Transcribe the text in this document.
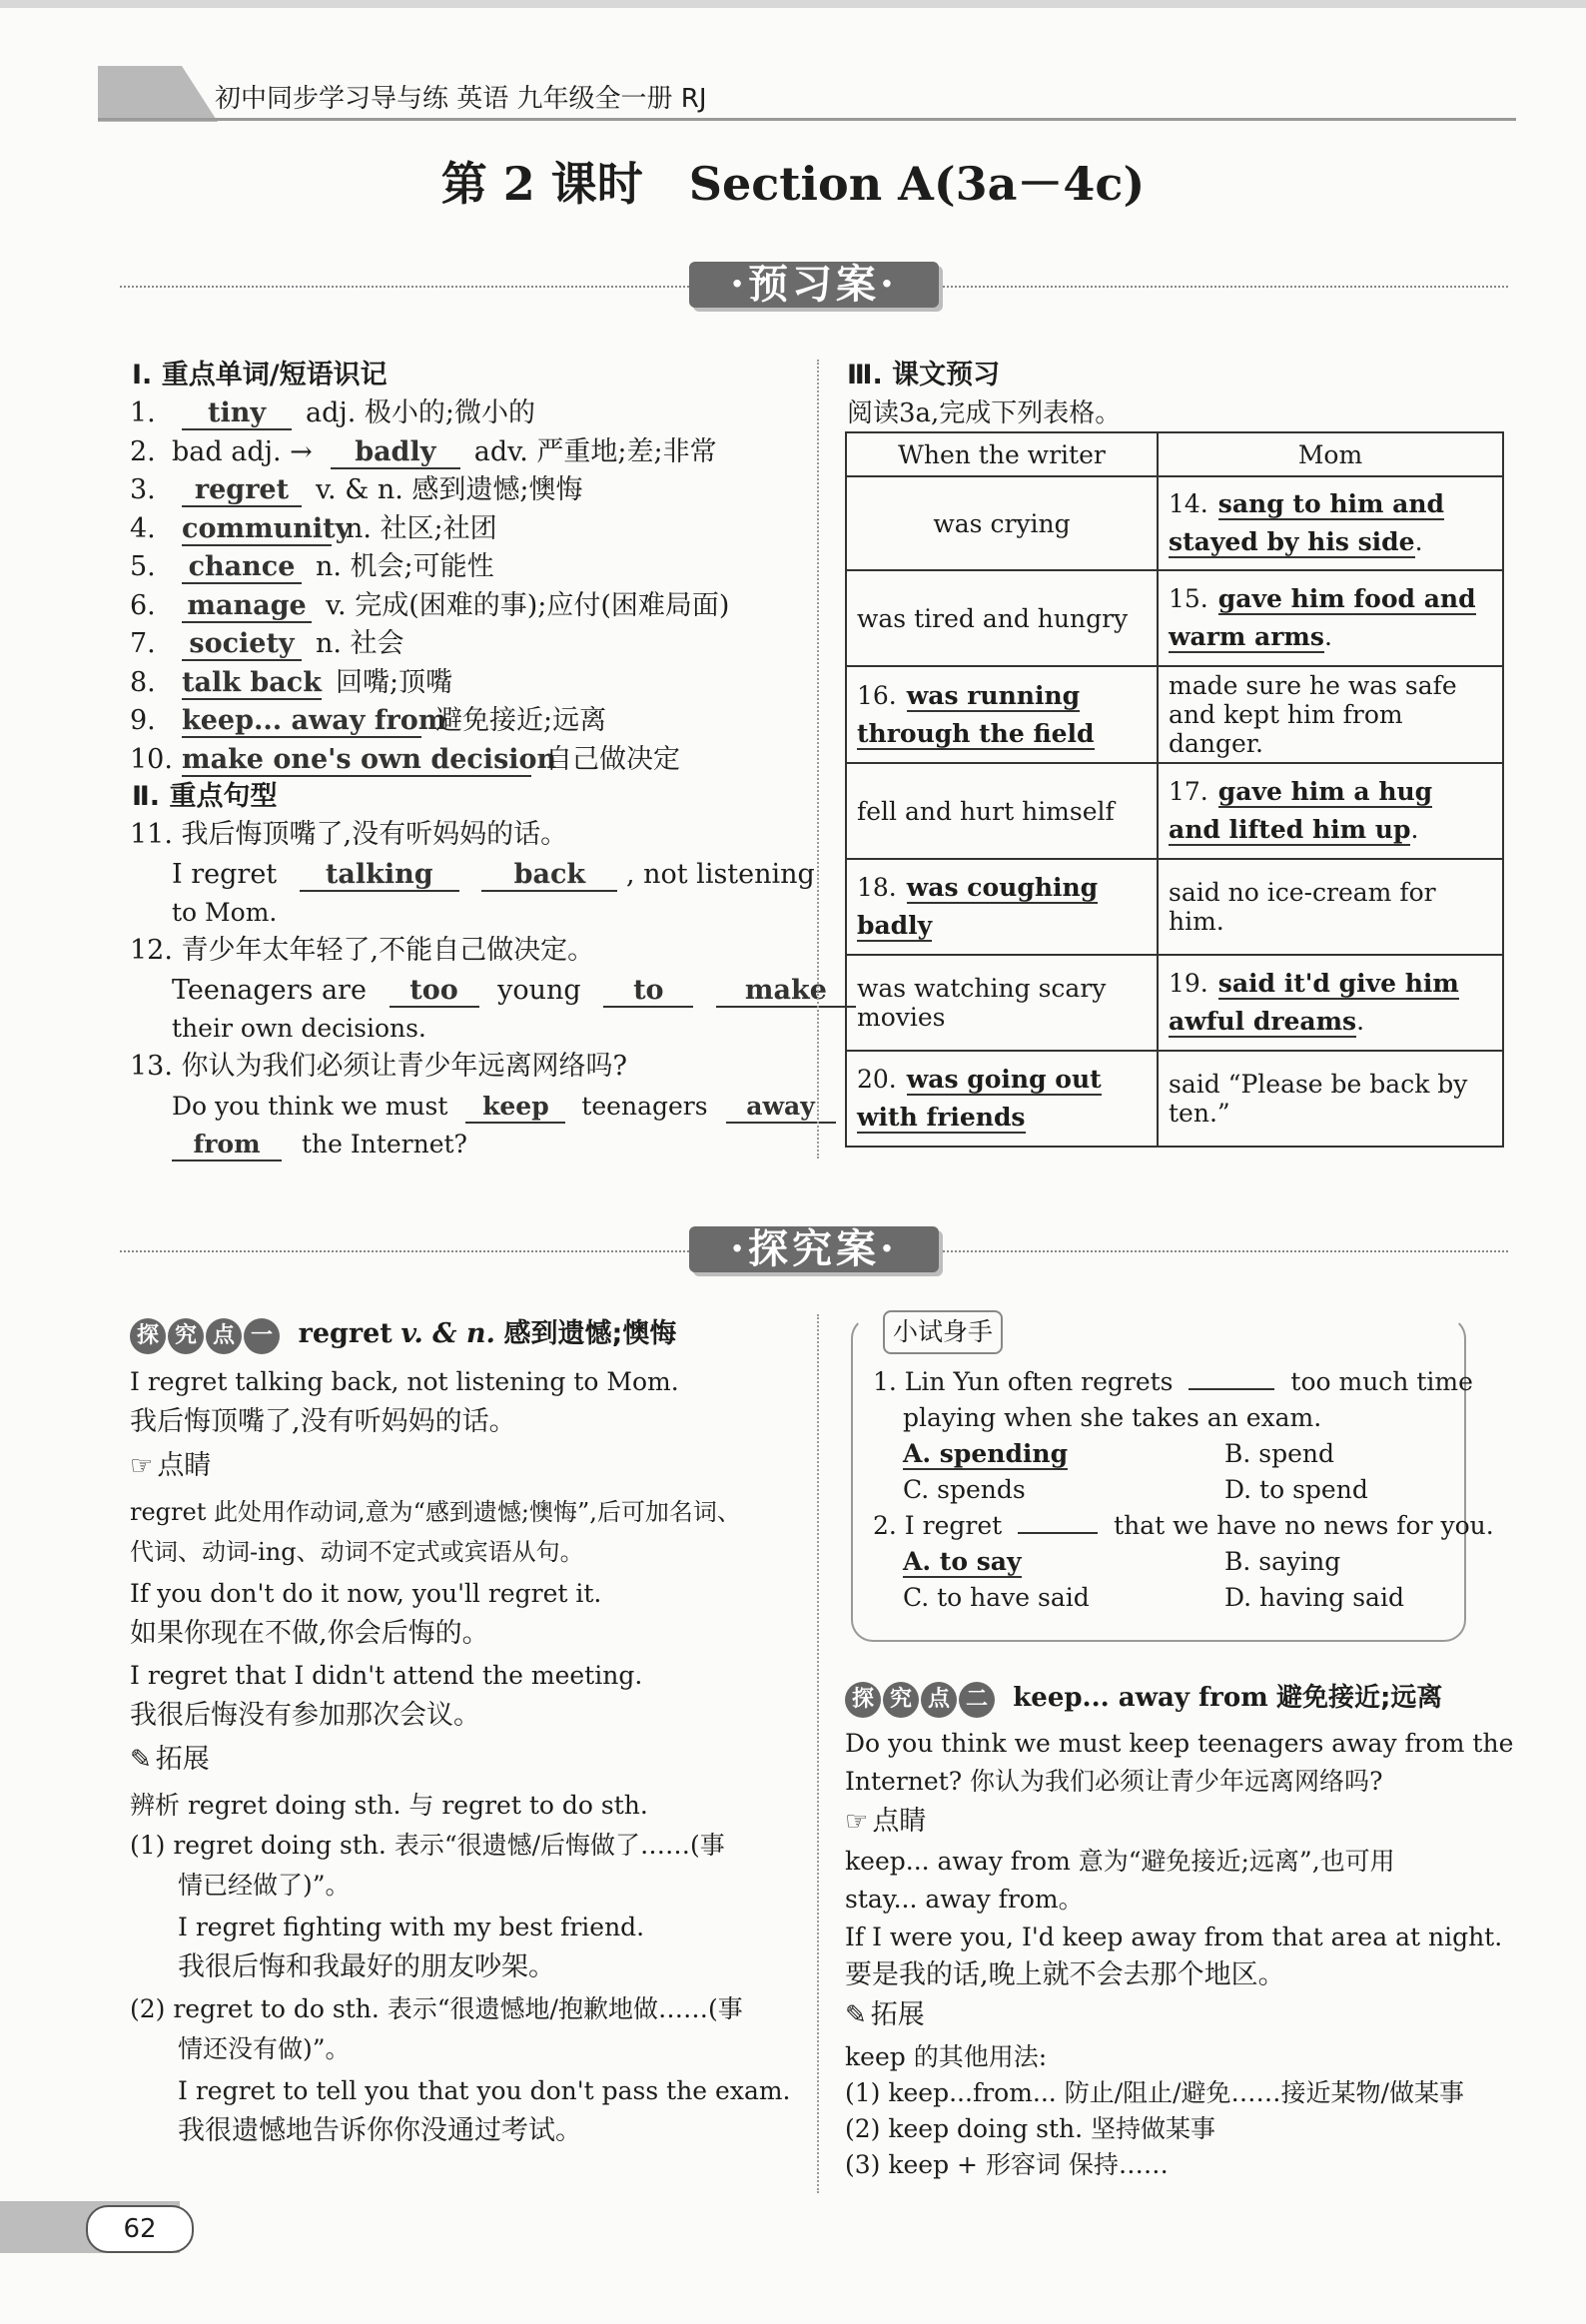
初中同步学习导与练 英语 九年级全一册 RJ
第 2 课时　Section A(3a－4c)
·预习案·
Ⅰ. 重点单词/短语识记
1. tiny adj. 极小的;微小的
2. bad adj. → badly adv. 严重地;差;非常
3. regret v. & n. 感到遗憾;懊悔
4. communityn. 社区;社团
5. chance n. 机会;可能性
6. manage v. 完成(困难的事);应付(困难局面)
7. society n. 社会
8. talk back 回嘴;顶嘴
9. keep... away from避免接近;远离
10. make one's own decision自己做决定
Ⅱ. 重点句型
11. 我后悔顶嘴了,没有听妈妈的话。
I regret talking	back , not listening
to Mom.
12. 青少年太年轻了,不能自己做决定。
Teenagers are too young to	make
their own decisions.
13. 你认为我们必须让青少年远离网络吗?
Do you think we must keep teenagers away
from the Internet?
Ⅲ. 课文预习
阅读3a,完成下列表格。
When the writer	Mom
was crying	14. sang to him and stayed by his side.
was tired and hungry	15. gave him food and warm arms.
16. was running through the field	made sure he was safe and kept him from danger.
fell and hurt himself	17. gave him a hug and lifted him up.
18. was coughing badly	said no ice-cream for him.
was watching scary movies	19. said it'd give him awful dreams.
20. was going out with friends	said “Please be back by ten.”
·探究案·
探 究 点 一 regret v. & n. 感到遗憾;懊悔
I regret talking back, not listening to Mom.
我后悔顶嘴了,没有听妈妈的话。
☞ 点睛
regret 此处用作动词,意为“感到遗憾;懊悔”,后可加名词、
代词、动词-ing、动词不定式或宾语从句。
If you don't do it now, you'll regret it.
如果你现在不做,你会后悔的。
I regret that I didn't attend the meeting.
我很后悔没有参加那次会议。
✎ 拓展
辨析 regret doing sth. 与 regret to do sth.
(1) regret doing sth. 表示“很遗憾/后悔做了……(事
情已经做了)”。
I regret fighting with my best friend.
我很后悔和我最好的朋友吵架。
(2) regret to do sth. 表示“很遗憾地/抱歉地做……(事
情还没有做)”。
I regret to tell you that you don't pass the exam.
我很遗憾地告诉你你没通过考试。
小试身手
1. Lin Yun often regrets	too much time
playing when she takes an exam.
A. spending	B. spend
C. spends	D. to spend
2. I regret	that we have no news for you.
A. to say	B. saying
C. to have said	D. having said
探 究 点 二 keep... away from 避免接近;远离
Do you think we must keep teenagers away from the
Internet? 你认为我们必须让青少年远离网络吗?
☞ 点睛
keep... away from 意为“避免接近;远离”,也可用
stay... away from。
If I were you, I'd keep away from that area at night.
要是我的话,晚上就不会去那个地区。
✎ 拓展
keep 的其他用法:
(1) keep...from... 防止/阻止/避免……接近某物/做某事
(2) keep doing sth. 坚持做某事
(3) keep + 形容词 保持……
62
